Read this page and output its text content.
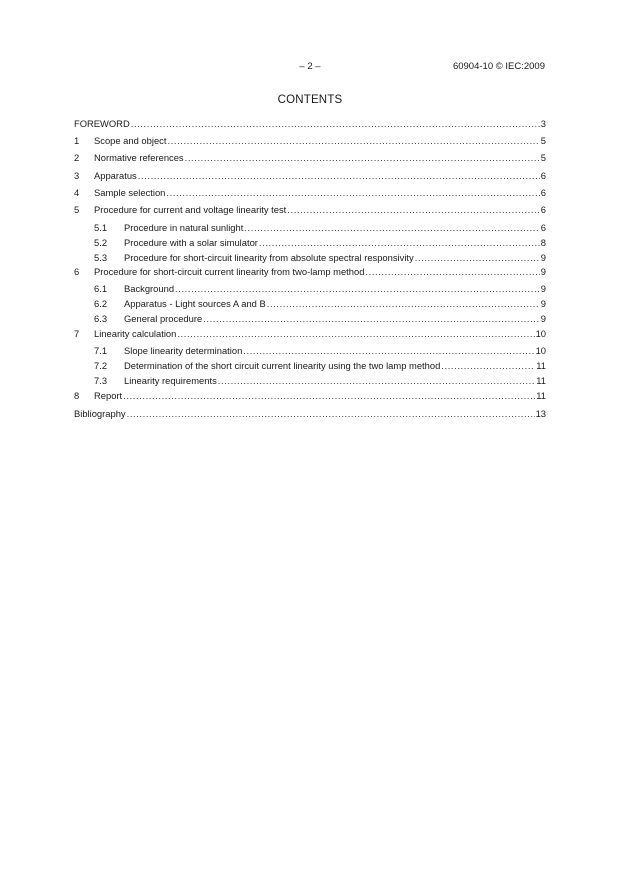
– 2 –	60904-10 © IEC:2009
CONTENTS
FOREWORD .....	3
1	Scope and object .....	5
2	Normative references .....	5
3	Apparatus .....	6
4	Sample selection .....	6
5	Procedure for current and voltage linearity test .....	6
5.1	Procedure in natural sunlight .....	6
5.2	Procedure with a solar simulator .....	8
5.3	Procedure for short-circuit linearity from absolute spectral responsivity .....	9
6	Procedure for short-circuit current linearity from two-lamp method .....	9
6.1	Background .....	9
6.2	Apparatus - Light sources A and B .....	9
6.3	General procedure .....	9
7	Linearity calculation .....	10
7.1	Slope linearity determination .....	10
7.2	Determination of the short circuit current linearity using the two lamp method .....	11
7.3	Linearity requirements .....	11
8	Report .....	11
Bibliography .....	13
